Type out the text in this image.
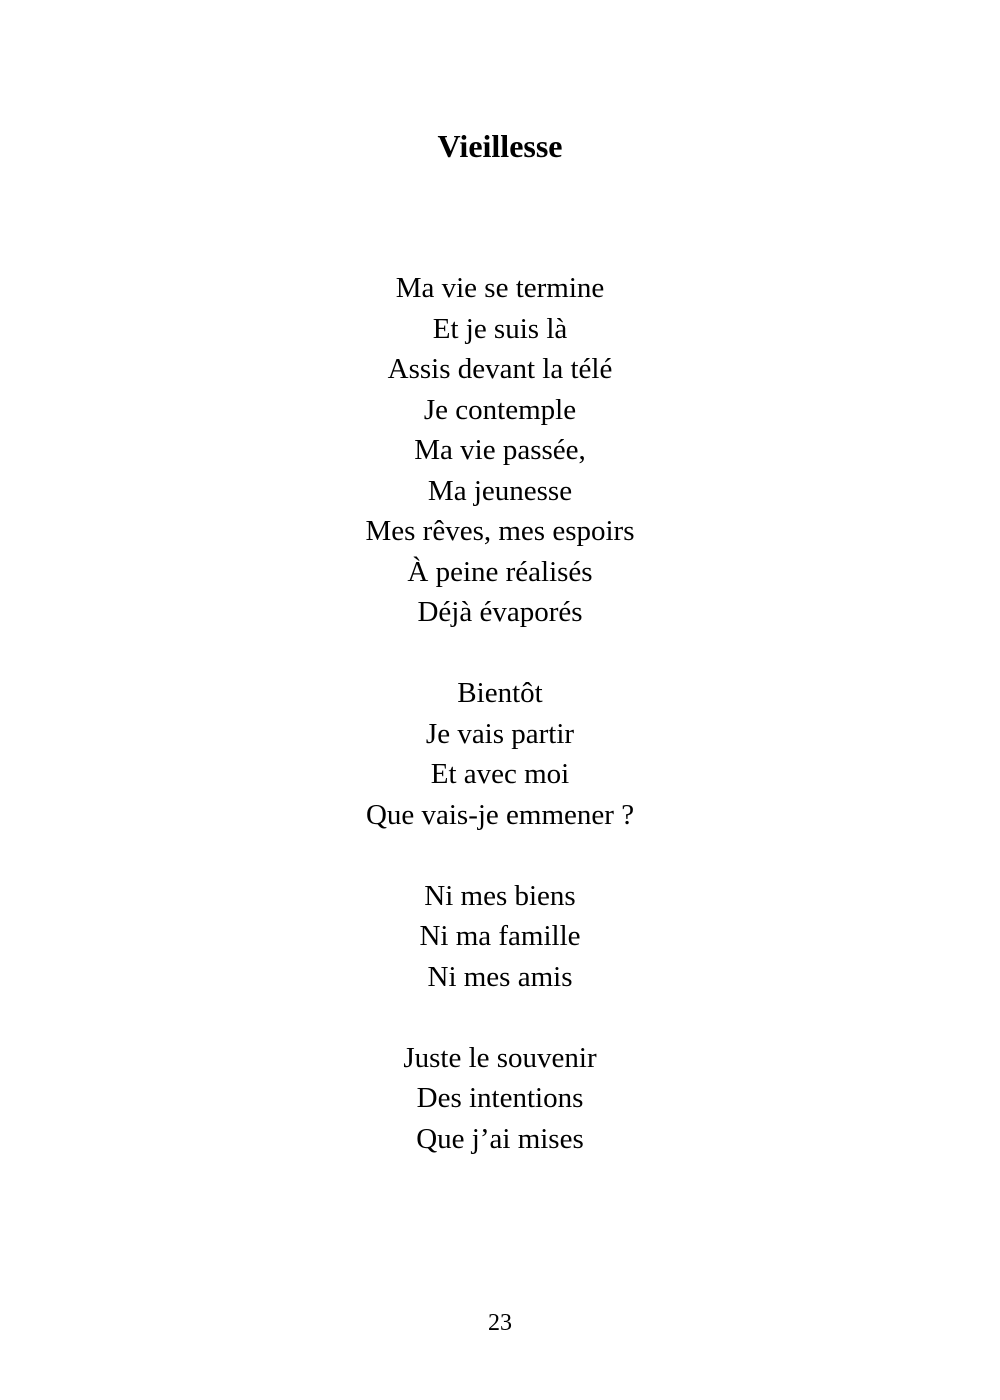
Vieillesse
Ma vie se termine
Et je suis là
Assis devant la télé
Je contemple
Ma vie passée,
Ma jeunesse
Mes rêves, mes espoirs
À peine réalisés
Déjà évaporés
Bientôt
Je vais partir
Et avec moi
Que vais-je emmener ?
Ni mes biens
Ni ma famille
Ni mes amis
Juste le souvenir
Des intentions
Que j’ai mises
23
